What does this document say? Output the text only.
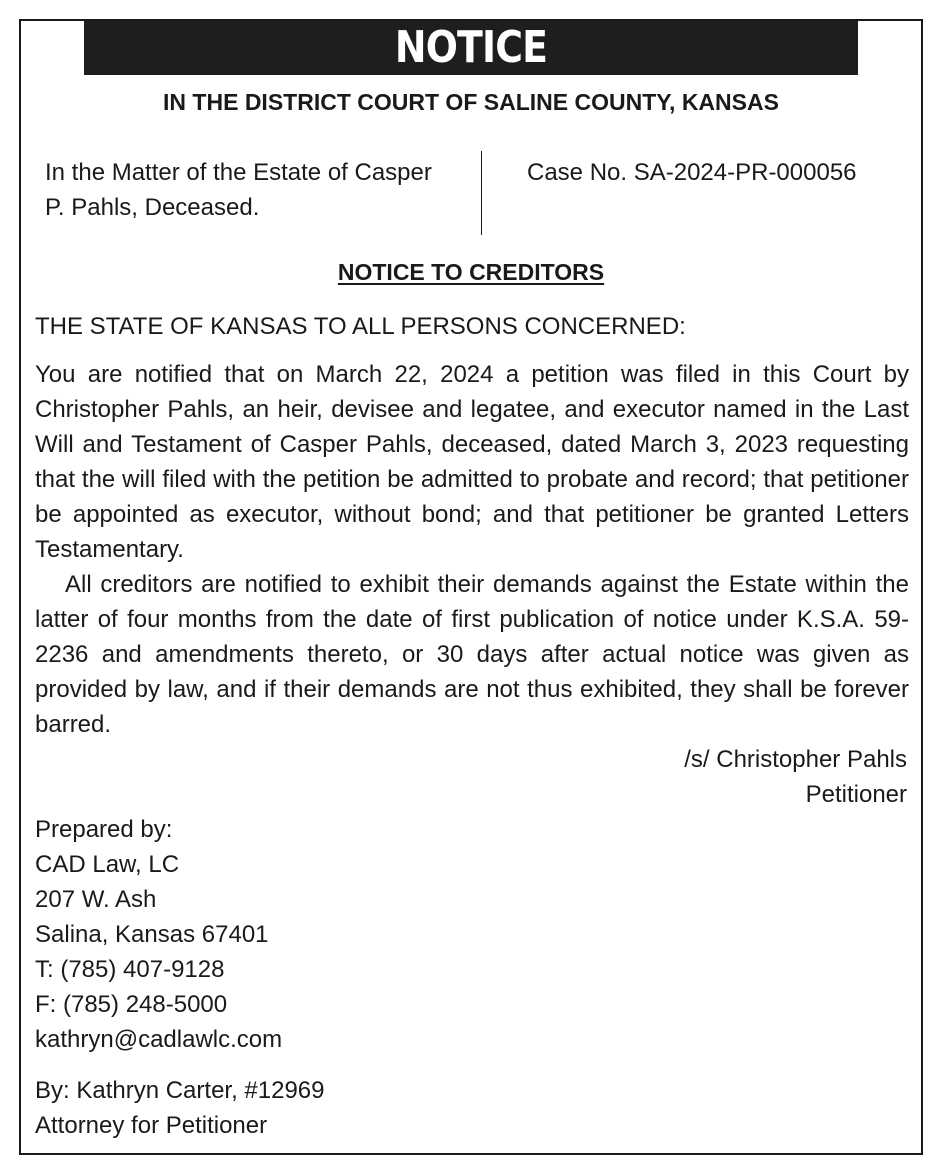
NOTICE
IN THE DISTRICT COURT OF SALINE COUNTY, KANSAS
In the Matter of the Estate of Casper
P. Pahls, Deceased.
Case No. SA-2024-PR-000056
NOTICE TO CREDITORS
THE STATE OF KANSAS TO ALL PERSONS CONCERNED:

You are notified that on March 22, 2024 a petition was filed in this Court by Christopher Pahls, an heir, devisee and legatee, and executor named in the Last Will and Testament of Casper Pahls, deceased, dated March 3, 2023 requesting that the will filed with the petition be admitted to probate and record; that petitioner be appointed as executor, without bond; and that petitioner be granted Letters Testamentary.

All creditors are notified to exhibit their demands against the Estate within the latter of four months from the date of first publication of notice under K.S.A. 59-2236 and amendments thereto, or 30 days after actual notice was given as provided by law, and if their demands are not thus exhibited, they shall be forever barred.

/s/ Christopher Pahls
Petitioner
Prepared by:
CAD Law, LC
207 W. Ash
Salina, Kansas 67401
T: (785) 407-9128
F: (785) 248-5000
kathryn@cadlawlc.com
By: Kathryn Carter, #12969
Attorney for Petitioner
